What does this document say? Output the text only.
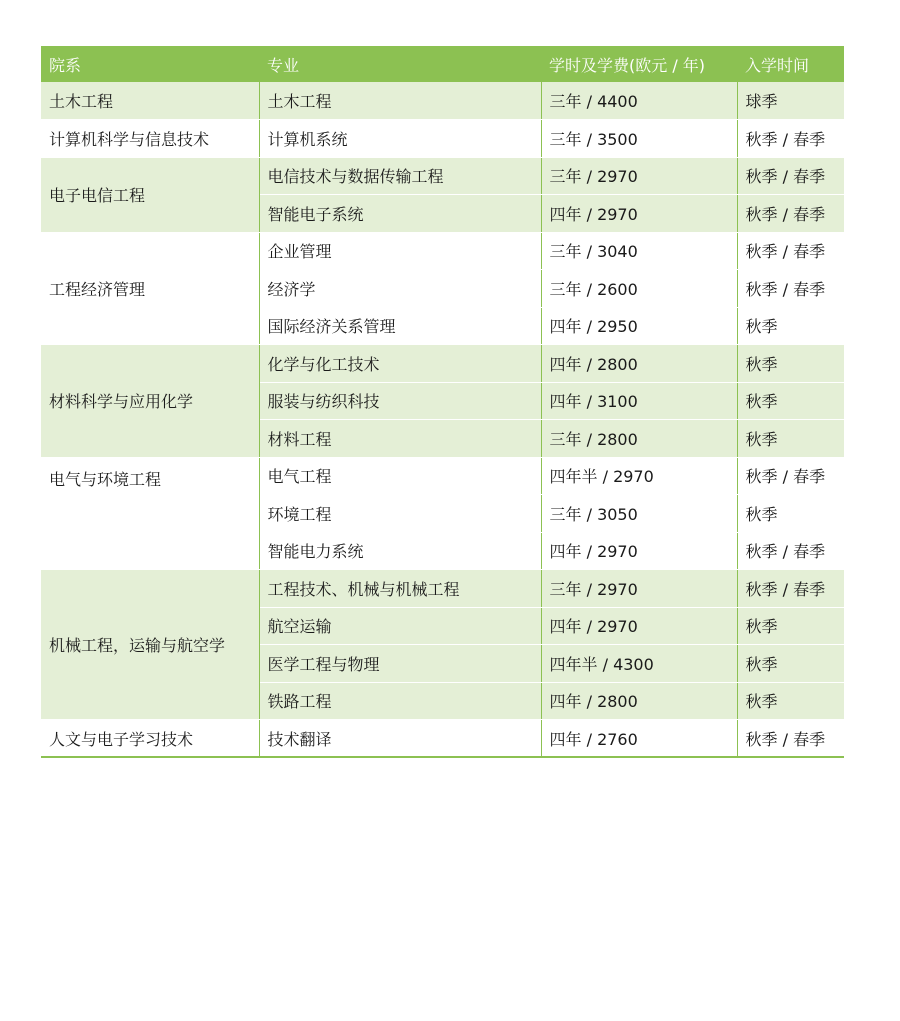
院系	专业	学时及学费(欧元 / 年)	入学时间
土木工程	土木工程	三年 / 4400	球季
计算机科学与信息技术	计算机系统	三年 / 3500	秋季 / 春季
电子电信工程	电信技术与数据传输工程	三年 / 2970	秋季 / 春季
	智能电子系统	四年 / 2970	秋季 / 春季
工程经济管理	企业管理	三年 / 3040	秋季 / 春季
	经济学	三年 / 2600	秋季 / 春季
	国际经济关系管理	四年 / 2950	秋季
材料科学与应用化学	化学与化工技术	四年 / 2800	秋季
	服装与纺织科技	四年 / 3100	秋季
	材料工程	三年 / 2800	秋季
电气与环境工程	电气工程	四年半 / 2970	秋季 / 春季
	环境工程	三年 / 3050	秋季
	智能电力系统	四年 / 2970	秋季 / 春季
机械工程，运输与航空学	工程技术、机械与机械工程	三年 / 2970	秋季 / 春季
	航空运输	四年 / 2970	秋季
	医学工程与物理	四年半 / 4300	秋季
	铁路工程	四年 / 2800	秋季
人文与电子学习技术	技术翻译	四年 / 2760	秋季 / 春季
